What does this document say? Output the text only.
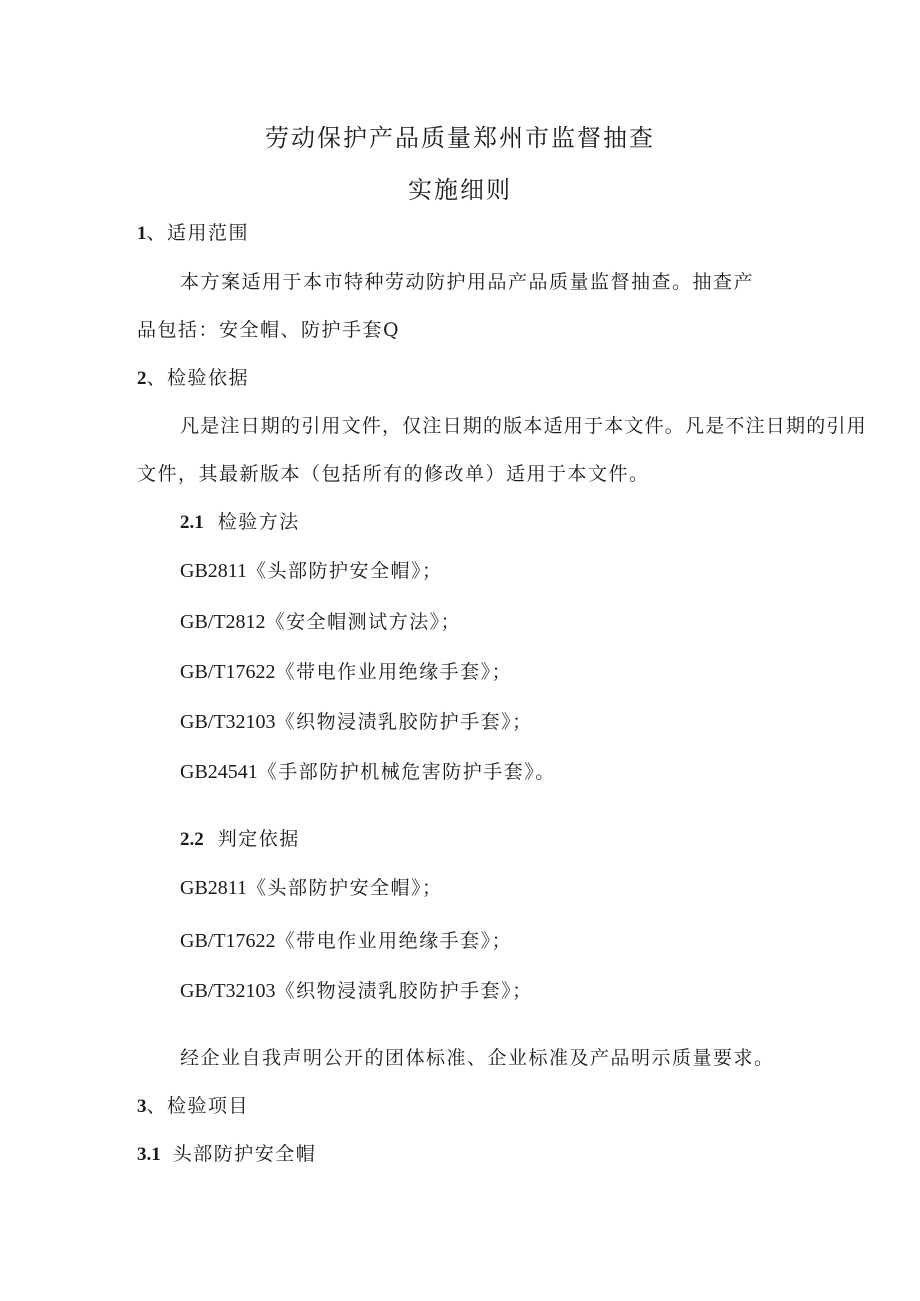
劳动保护产品质量郑州市监督抽查
实施细则
1、适用范围
本方案适用于本市特种劳动防护用品产品质量监督抽查。抽查产
品包括：安全帽、防护手套Q
2、检验依据
凡是注日期的引用文件，仅注日期的版本适用于本文件。凡是不注日期的引用
文件，其最新版本（包括所有的修改单）适用于本文件。
2.1 检验方法
GB2811《头部防护安全帽》；
GB/T2812《安全帽测试方法》；
GB/T17622《带电作业用绝缘手套》；
GB/T32103《织物浸渍乳胶防护手套》；
GB24541《手部防护机械危害防护手套》。
2.2 判定依据
GB2811《头部防护安全帽》；
GB/T17622《带电作业用绝缘手套》；
GB/T32103《织物浸渍乳胶防护手套》；
经企业自我声明公开的团体标准、企业标准及产品明示质量要求。
3、检验项目
3.1 头部防护安全帽
